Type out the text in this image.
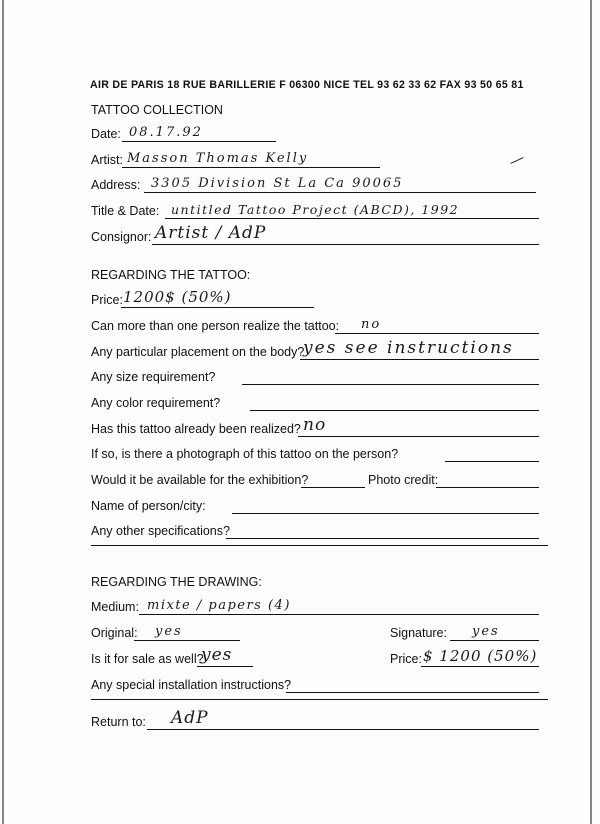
AIR DE PARIS 18 RUE BARILLERIE F 06300 NICE TEL 93 62 33 62 FAX 93 50 65 81
TATTOO COLLECTION
Date: 08.17.92
Artist: Masson Thomas Kelly
Address: 3305 Division St La Ca 90065
Title & Date: untitled Tattoo Project (ABCD), 1992
Consignor: Artist / AdP
REGARDING THE TATTOO:
Price: 1200$ (50%)
Can more than one person realize the tattoo: no
Any particular placement on the body?
yes see instructions
Any size requirement?
Any color requirement?
Has this tattoo already been realized? no
If so, is there a photograph of this tattoo on the person?
Would it be available for the exhibition?	Photo credit:
Name of person/city:
Any other specifications?
REGARDING THE DRAWING:
Medium: mixte / papers (4)
Original: yes	Signature: yes
Is it for sale as well?
yes	Price: $ 1200 (50%)
Any special installation instructions?
Return to: AdP
